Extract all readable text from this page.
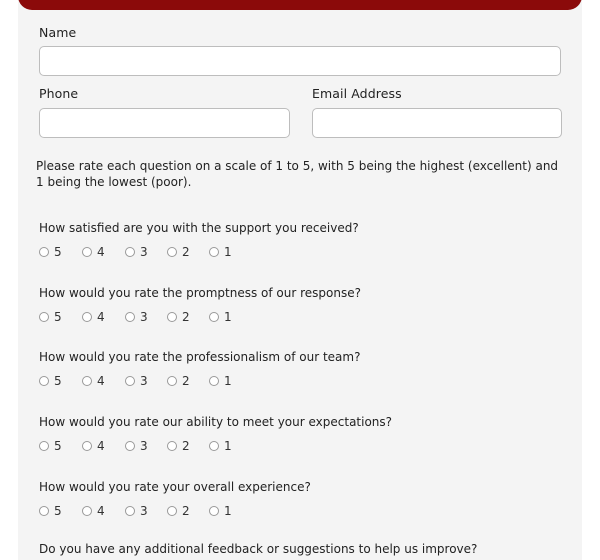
Name
Phone	Email Address

Please rate each question on a scale of 1 to 5, with 5 being the highest (excellent) and 1 being the lowest (poor).

How satisfied are you with the support you received?
5	4	3	2	1
How would you rate the promptness of our response?
5	4	3	2	1
How would you rate the professionalism of our team?
5	4	3	2	1
How would you rate our ability to meet your expectations?
5	4	3	2	1
How would you rate your overall experience?
5	4	3	2	1
Do you have any additional feedback or suggestions to help us improve?
